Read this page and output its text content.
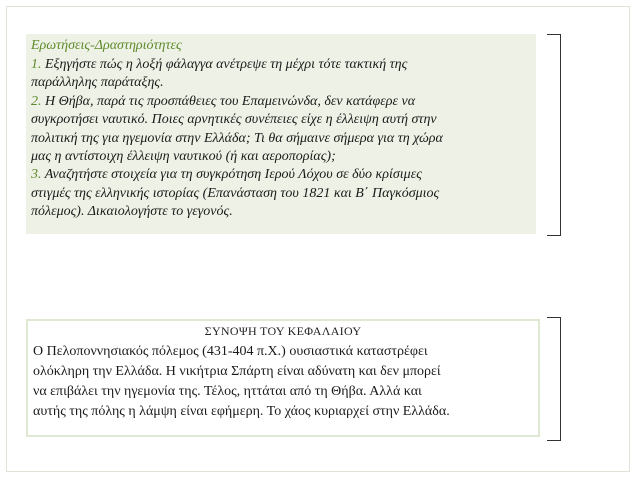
Ερωτήσεις-Δραστηριότητες

1. Εξηγήστε πώς η λοξή φάλαγγα ανέτρεψε τη μέχρι τότε τακτική της

παράλληλης παράταξης.

2. Η Θήβα, παρά τις προσπάθειες του Επαμεινώνδα, δεν κατάφερε να

συγκροτήσει ναυτικό. Ποιες αρνητικές συνέπειες είχε η έλλειψη αυτή στην

πολιτική της για ηγεμονία στην Ελλάδα; Τι θα σήμαινε σήμερα για τη χώρα

μας η αντίστοιχη έλλειψη ναυτικού (ή και αεροπορίας);

3. Αναζητήστε στοιχεία για τη συγκρότηση Ιερού Λόχου σε δύο κρίσιμες

στιγμές της ελληνικής ιστορίας (Επανάσταση του 1821 και Β΄ Παγκόσμιος

πόλεμος). Δικαιολογήστε το γεγονός.

ΣΥΝΟΨΗ ΤΟΥ ΚΕΦΑΛΑΙΟΥ

Ο Πελοποννησιακός πόλεμος (431-404 π.Χ.) ουσιαστικά καταστρέφει

ολόκληρη την Ελλάδα. Η νικήτρια Σπάρτη είναι αδύνατη και δεν μπορεί

να επιβάλει την ηγεμονία της. Τέλος, ηττάται από τη Θήβα. Αλλά και

αυτής της πόλης η λάμψη είναι εφήμερη. Το χάος κυριαρχεί στην Ελλάδα.
